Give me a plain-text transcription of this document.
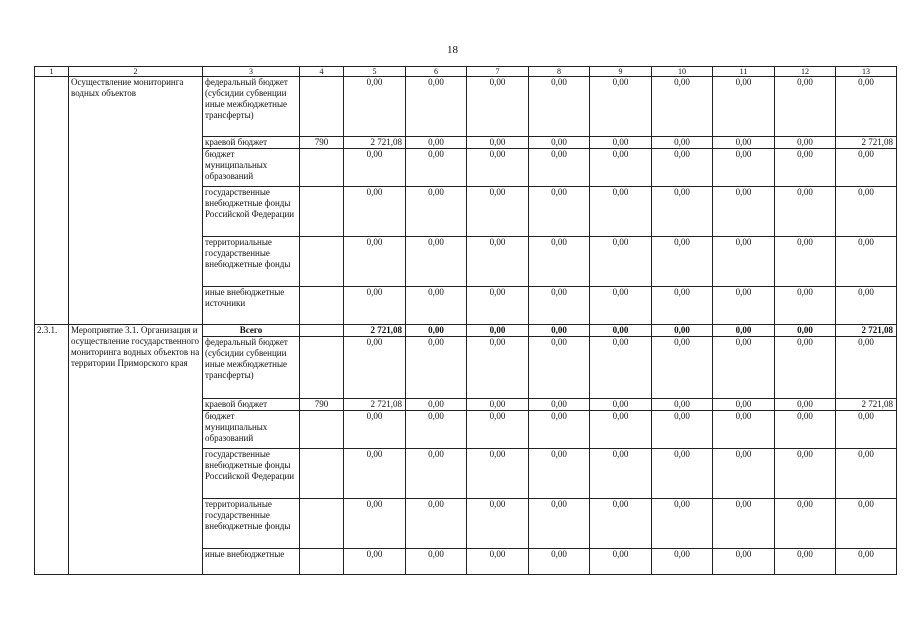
18
1	2	3	4	5	6	7	8	9	10	11	12	13
	Осуществление мониторинга водных объектов	федеральный бюджет (субсидии субвенции иные межбюджетные трансферты)		0,00	0,00	0,00	0,00	0,00	0,00	0,00	0,00	0,00
		краевой бюджет	790	2 721,08	0,00	0,00	0,00	0,00	0,00	0,00	0,00	2 721,08
		бюджет муниципальных образований		0,00	0,00	0,00	0,00	0,00	0,00	0,00	0,00	0,00
		государственные внебюджетные фонды Российской Федерации		0,00	0,00	0,00	0,00	0,00	0,00	0,00	0,00	0,00
		территориальные государственные внебюджетные фонды		0,00	0,00	0,00	0,00	0,00	0,00	0,00	0,00	0,00
		иные внебюджетные источники		0,00	0,00	0,00	0,00	0,00	0,00	0,00	0,00	0,00
2.3.1.	Мероприятие 3.1. Организация и осуществление государственного мониторинга водных объектов на территории Приморского края	Всего		2 721,08	0,00	0,00	0,00	0,00	0,00	0,00	0,00	2 721,08
		федеральный бюджет (субсидии субвенции иные межбюджетные трансферты)		0,00	0,00	0,00	0,00	0,00	0,00	0,00	0,00	0,00
		краевой бюджет	790	2 721,08	0,00	0,00	0,00	0,00	0,00	0,00	0,00	2 721,08
		бюджет муниципальных образований		0,00	0,00	0,00	0,00	0,00	0,00	0,00	0,00	0,00
		государственные внебюджетные фонды Российской Федерации		0,00	0,00	0,00	0,00	0,00	0,00	0,00	0,00	0,00
		территориальные государственные внебюджетные фонды		0,00	0,00	0,00	0,00	0,00	0,00	0,00	0,00	0,00
		иные внебюджетные		0,00	0,00	0,00	0,00	0,00	0,00	0,00	0,00	0,00
